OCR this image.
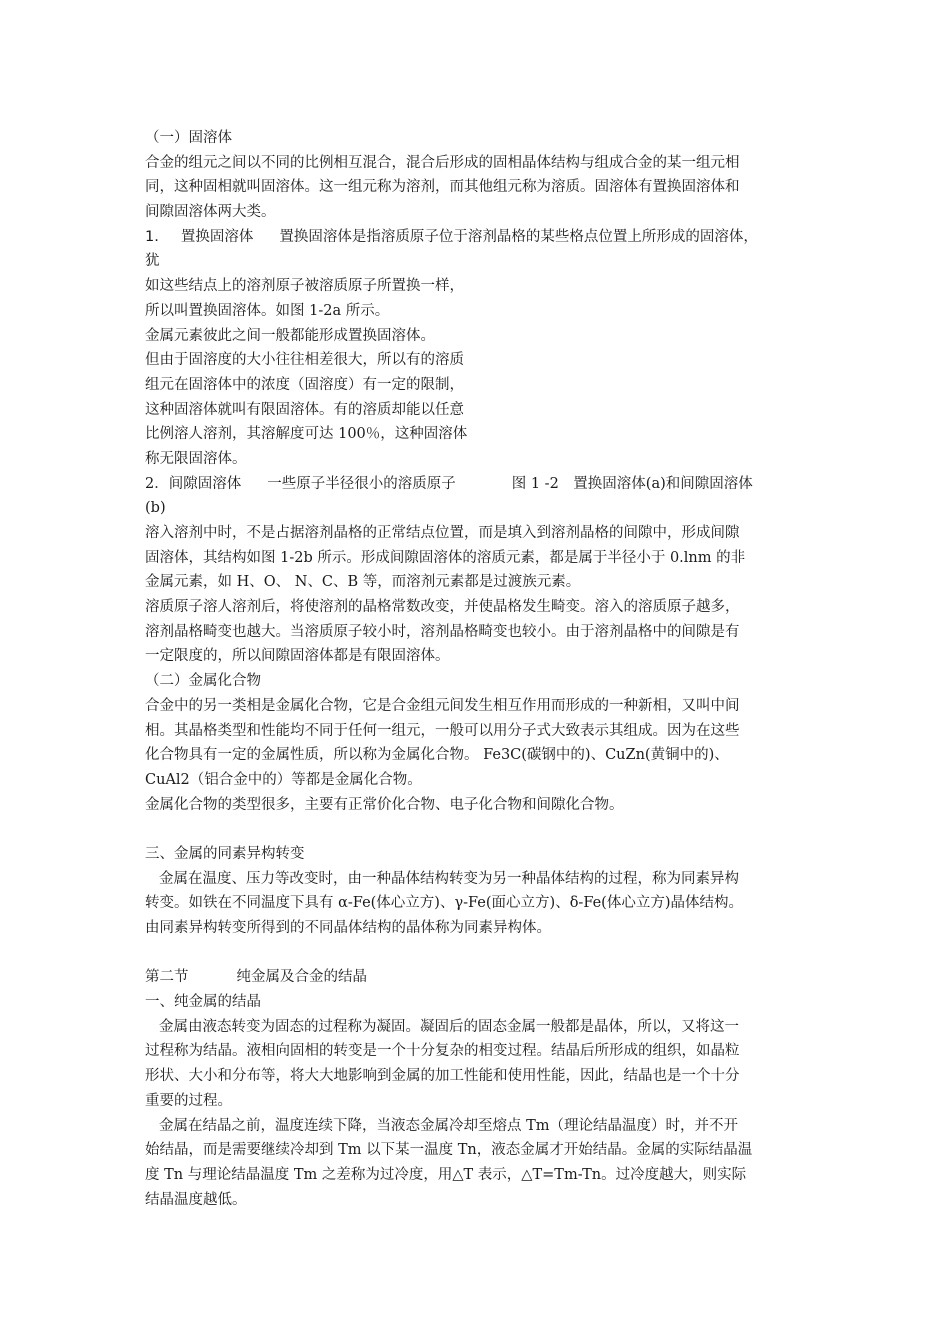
（一）固溶体
合金的组元之间以不同的比例相互混合，混合后形成的固相晶体结构与组成合金的某一组元相
同，这种固相就叫固溶体。这一组元称为溶剂，而其他组元称为溶质。固溶体有置换固溶体和
间隙固溶体两大类。
1. 置换固溶体 置换固溶体是指溶质原子位于溶剂晶格的某些格点位置上所形成的固溶体，
犹
如这些结点上的溶剂原子被溶质原子所置换一样，
所以叫置换固溶体。如图 1-2a 所示。
金属元素彼此之间一般都能形成置换固溶体。
但由于固溶度的大小往往相差很大，所以有的溶质
组元在固溶体中的浓度（固溶度）有一定的限制，
这种固溶体就叫有限固溶体。有的溶质却能以任意
比例溶人溶剂，其溶解度可达 100％，这种固溶体
称无限固溶体。
2．间隙固溶体 一些原子半径很小的溶质原子	图 1 -2　置换固溶体(a)和间隙固溶体
(b)
溶入溶剂中时，不是占据溶剂晶格的正常结点位置，而是填入到溶剂晶格的间隙中，形成间隙
固溶体，其结构如图 1-2b 所示。形成间隙固溶体的溶质元素，都是属于半径小于 0.lnm 的非
金属元素，如 H、O、 N、C、B 等，而溶剂元素都是过渡族元素。
溶质原子溶人溶剂后，将使溶剂的晶格常数改变，并使晶格发生畸变。溶入的溶质原子越多，
溶剂晶格畸变也越大。当溶质原子较小时，溶剂晶格畸变也较小。由于溶剂晶格中的间隙是有
一定限度的，所以间隙固溶体都是有限固溶体。
（二）金属化合物
合金中的另一类相是金属化合物，它是合金组元间发生相互作用而形成的一种新相，又叫中间
相。其晶格类型和性能均不同于任何一组元，一般可以用分子式大致表示其组成。因为在这些
化合物具有一定的金属性质，所以称为金属化合物。 Fe3C(碳钢中的)、CuZn(黄铜中的)、
CuAl2（铝合金中的）等都是金属化合物。
金属化合物的类型很多，主要有正常价化合物、电子化合物和间隙化合物。
三、金属的同素异构转变
金属在温度、压力等改变时，由一种晶体结构转变为另一种晶体结构的过程，称为同素异构
转变。如铁在不同温度下具有 α-Fe(体心立方)、γ-Fe(面心立方)、δ-Fe(体心立方)晶体结构。
由同素异构转变所得到的不同晶体结构的晶体称为同素异构体。
第二节	纯金属及合金的结晶
一、纯金属的结晶
金属由液态转变为固态的过程称为凝固。凝固后的固态金属一般都是晶体，所以，又将这一
过程称为结晶。液相向固相的转变是一个十分复杂的相变过程。结晶后所形成的组织，如晶粒
形状、大小和分布等，将大大地影响到金属的加工性能和使用性能，因此，结晶也是一个十分
重要的过程。
金属在结晶之前，温度连续下降，当液态金属冷却至熔点 Tm（理论结晶温度）时，并不开
始结晶，而是需要继续冷却到 Tm 以下某一温度 Tn，液态金属才开始结晶。金属的实际结晶温
度 Tn 与理论结晶温度 Tm 之差称为过冷度，用△T 表示，△T=Tm-Tn。过冷度越大，则实际
结晶温度越低。
